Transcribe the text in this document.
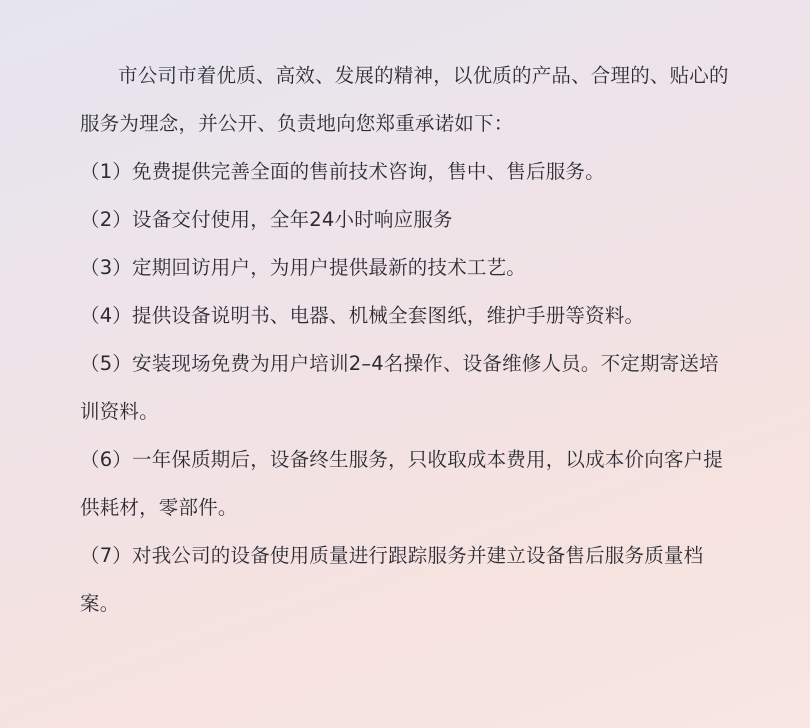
市公司市着优质、高效、发展的精神，以优质的产品、合理的、贴心的服务为理念，并公开、负责地向您郑重承诺如下：

（1）免费提供完善全面的售前技术咨询，售中、售后服务。

（2）设备交付使用，全年24小时响应服务

（3）定期回访用户，为用户提供最新的技术工艺。

（4）提供设备说明书、电器、机械全套图纸，维护手册等资料。

（5）安装现场免费为用户培训2–4名操作、设备维修人员。不定期寄送培训资料。

（6）一年保质期后，设备终生服务，只收取成本费用，以成本价向客户提供耗材，零部件。

（7）对我公司的设备使用质量进行跟踪服务并建立设备售后服务质量档案。
